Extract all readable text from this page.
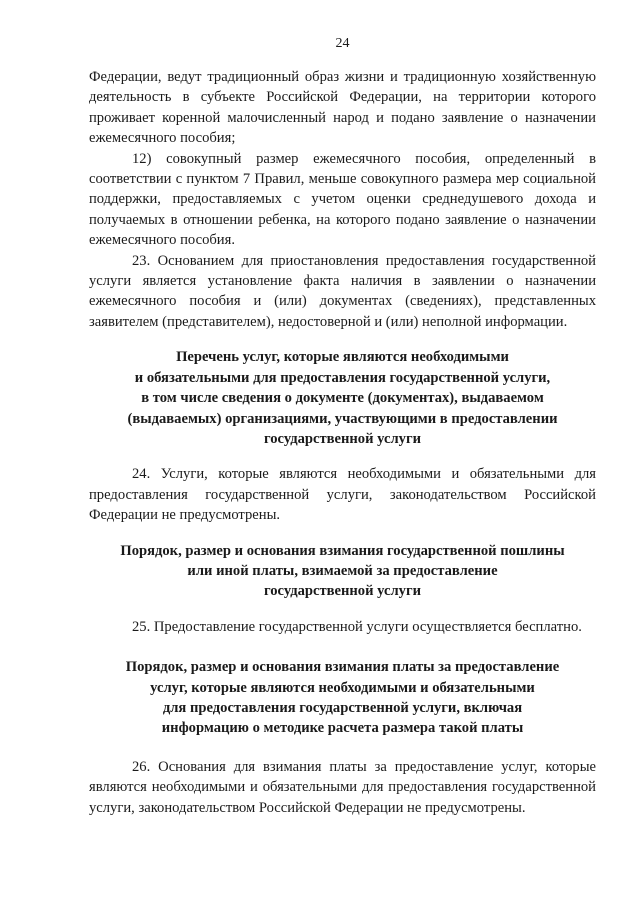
24

Федерации, ведут традиционный образ жизни и традиционную хозяйственную деятельность в субъекте Российской Федерации, на территории которого проживает коренной малочисленный народ и подано заявление о назначении ежемесячного пособия;

12) совокупный размер ежемесячного пособия, определенный в соответствии с пунктом 7 Правил, меньше совокупного размера мер социальной поддержки, предоставляемых с учетом оценки среднедушевого дохода и получаемых в отношении ребенка, на которого подано заявление о назначении ежемесячного пособия.

23. Основанием для приостановления предоставления государственной услуги является установление факта наличия в заявлении о назначении ежемесячного пособия и (или) документах (сведениях), представленных заявителем (представителем), недостоверной и (или) неполной информации.

Перечень услуг, которые являются необходимыми
и обязательными для предоставления государственной услуги,
в том числе сведения о документе (документах), выдаваемом
(выдаваемых) организациями, участвующими в предоставлении
государственной услуги

24. Услуги, которые являются необходимыми и обязательными для предоставления государственной услуги, законодательством Российской Федерации не предусмотрены.

Порядок, размер и основания взимания государственной пошлины
или иной платы, взимаемой за предоставление
государственной услуги

25. Предоставление государственной услуги осуществляется бесплатно.

Порядок, размер и основания взимания платы за предоставление
услуг, которые являются необходимыми и обязательными
для предоставления государственной услуги, включая
информацию о методике расчета размера такой платы

26. Основания для взимания платы за предоставление услуг, которые являются необходимыми и обязательными для предоставления государственной услуги, законодательством Российской Федерации не предусмотрены.
